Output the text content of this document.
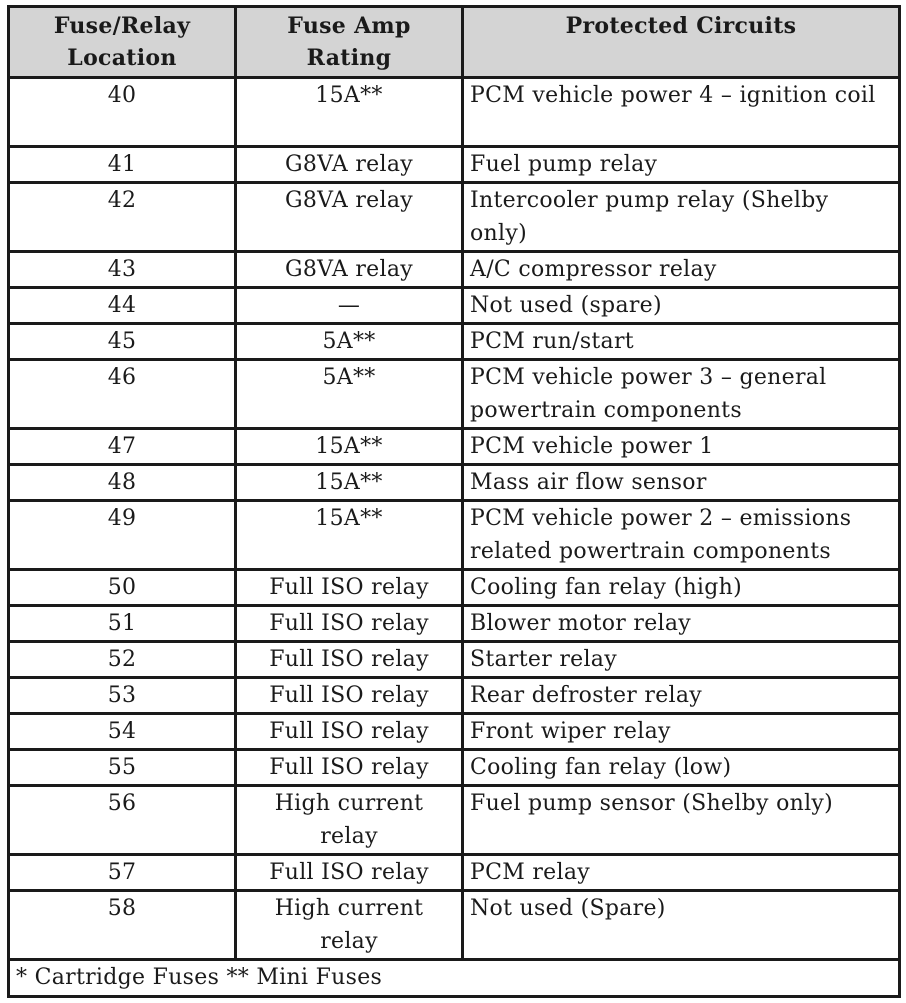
Fuse/Relay Location	Fuse Amp Rating	Protected Circuits
40	15A**	PCM vehicle power 4 – ignition coil
41	G8VA relay	Fuel pump relay
42	G8VA relay	Intercooler pump relay (Shelby only)
43	G8VA relay	A/C compressor relay
44	—	Not used (spare)
45	5A**	PCM run/start
46	5A**	PCM vehicle power 3 – general powertrain components
47	15A**	PCM vehicle power 1
48	15A**	Mass air flow sensor
49	15A**	PCM vehicle power 2 – emissions related powertrain components
50	Full ISO relay	Cooling fan relay (high)
51	Full ISO relay	Blower motor relay
52	Full ISO relay	Starter relay
53	Full ISO relay	Rear defroster relay
54	Full ISO relay	Front wiper relay
55	Full ISO relay	Cooling fan relay (low)
56	High current relay	Fuel pump sensor (Shelby only)
57	Full ISO relay	PCM relay
58	High current relay	Not used (Spare)
* Cartridge Fuses ** Mini Fuses		
